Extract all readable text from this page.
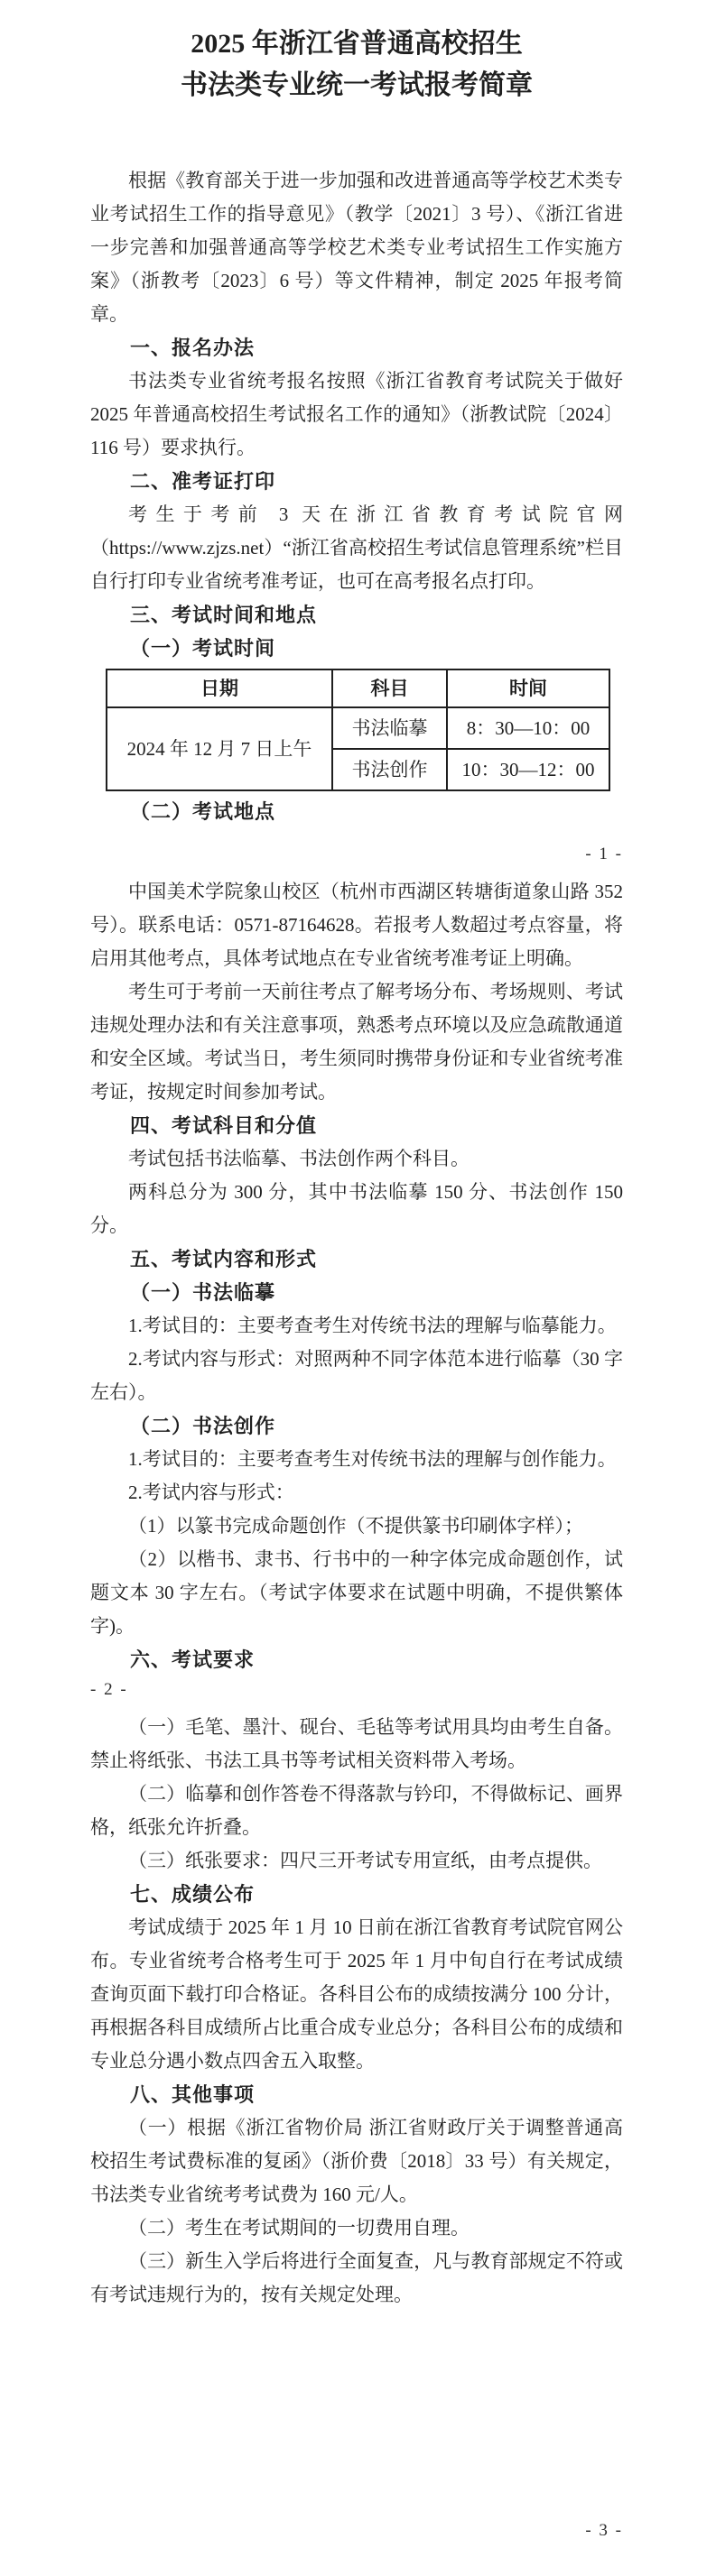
2025 年浙江省普通高校招生
书法类专业统一考试报考简章

根据《教育部关于进一步加强和改进普通高等学校艺术类专业考试招生工作的指导意见》（教学〔2021〕3 号）、《浙江省进一步完善和加强普通高等学校艺术类专业考试招生工作实施方案》（浙教考〔2023〕6 号）等文件精神，制定 2025 年报考简章。

一、报名办法

书法类专业省统考报名按照《浙江省教育考试院关于做好 2025 年普通高校招生考试报名工作的通知》（浙教试院〔2024〕116 号）要求执行。

二、准考证打印

考生于考前 3 天在浙江省教育考试院官网（https://www.zjzs.net）“浙江省高校招生考试信息管理系统”栏目自行打印专业省统考准考证，也可在高考报名点打印。

三、考试时间和地点

（一）考试时间

日期	科目	时间
2024 年 12 月 7 日上午	书法临摹	8：30—10：00
	书法创作	10：30—12：00

（二）考试地点

- 1 -

中国美术学院象山校区（杭州市西湖区转塘街道象山路 352 号）。联系电话：0571-87164628。若报考人数超过考点容量，将启用其他考点，具体考试地点在专业省统考准考证上明确。

考生可于考前一天前往考点了解考场分布、考场规则、考试违规处理办法和有关注意事项，熟悉考点环境以及应急疏散通道和安全区域。考试当日，考生须同时携带身份证和专业省统考准考证，按规定时间参加考试。

四、考试科目和分值

考试包括书法临摹、书法创作两个科目。

两科总分为 300 分，其中书法临摹 150 分、书法创作 150 分。

五、考试内容和形式

（一）书法临摹

1.考试目的：主要考查考生对传统书法的理解与临摹能力。

2.考试内容与形式：对照两种不同字体范本进行临摹（30 字左右）。

（二）书法创作

1.考试目的：主要考查考生对传统书法的理解与创作能力。

2.考试内容与形式：

（1）以篆书完成命题创作（不提供篆书印刷体字样）；

（2）以楷书、隶书、行书中的一种字体完成命题创作，试题文本 30 字左右。（考试字体要求在试题中明确，不提供繁体字)。

六、考试要求

- 2 -

（一）毛笔、墨汁、砚台、毛毡等考试用具均由考生自备。禁止将纸张、书法工具书等考试相关资料带入考场。

（二）临摹和创作答卷不得落款与钤印，不得做标记、画界格，纸张允许折叠。

（三）纸张要求：四尺三开考试专用宣纸，由考点提供。

七、成绩公布

考试成绩于 2025 年 1 月 10 日前在浙江省教育考试院官网公布。专业省统考合格考生可于 2025 年 1 月中旬自行在考试成绩查询页面下载打印合格证。各科目公布的成绩按满分 100 分计，再根据各科目成绩所占比重合成专业总分；各科目公布的成绩和专业总分遇小数点四舍五入取整。

八、其他事项

（一）根据《浙江省物价局 浙江省财政厅关于调整普通高校招生考试费标准的复函》（浙价费〔2018〕33 号）有关规定，书法类专业省统考考试费为 160 元/人。

（二）考生在考试期间的一切费用自理。

（三）新生入学后将进行全面复查，凡与教育部规定不符或有考试违规行为的，按有关规定处理。

- 3 -
